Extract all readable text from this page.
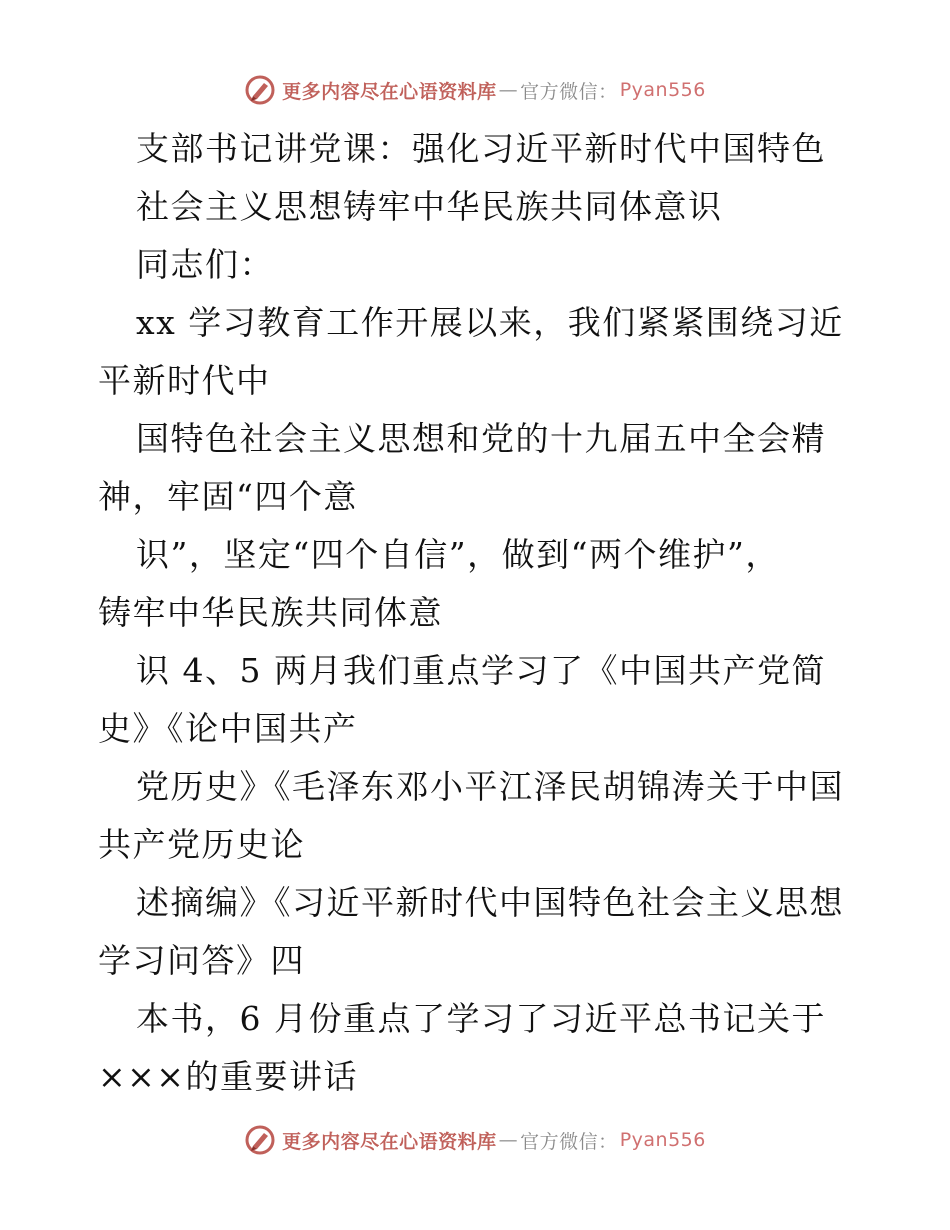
更多内容尽在心语资料库 — 官方微信： Pyan556
支部书记讲党课：强化习近平新时代中国特色
社会主义思想铸牢中华民族共同体意识
同志们：
xx 学习教育工作开展以来，我们紧紧围绕习近
平新时代中
国特色社会主义思想和党的十九届五中全会精
神，牢固“四个意
识”，坚定“四个自信”，做到“两个维护”，
铸牢中华民族共同体意
识 4、5 两月我们重点学习了《中国共产党简
史》《论中国共产
党历史》《毛泽东邓小平江泽民胡锦涛关于中国
共产党历史论
述摘编》《习近平新时代中国特色社会主义思想
学习问答》四
本书，6 月份重点了学习了习近平总书记关于
×××的重要讲话
更多内容尽在心语资料库 — 官方微信： Pyan556
